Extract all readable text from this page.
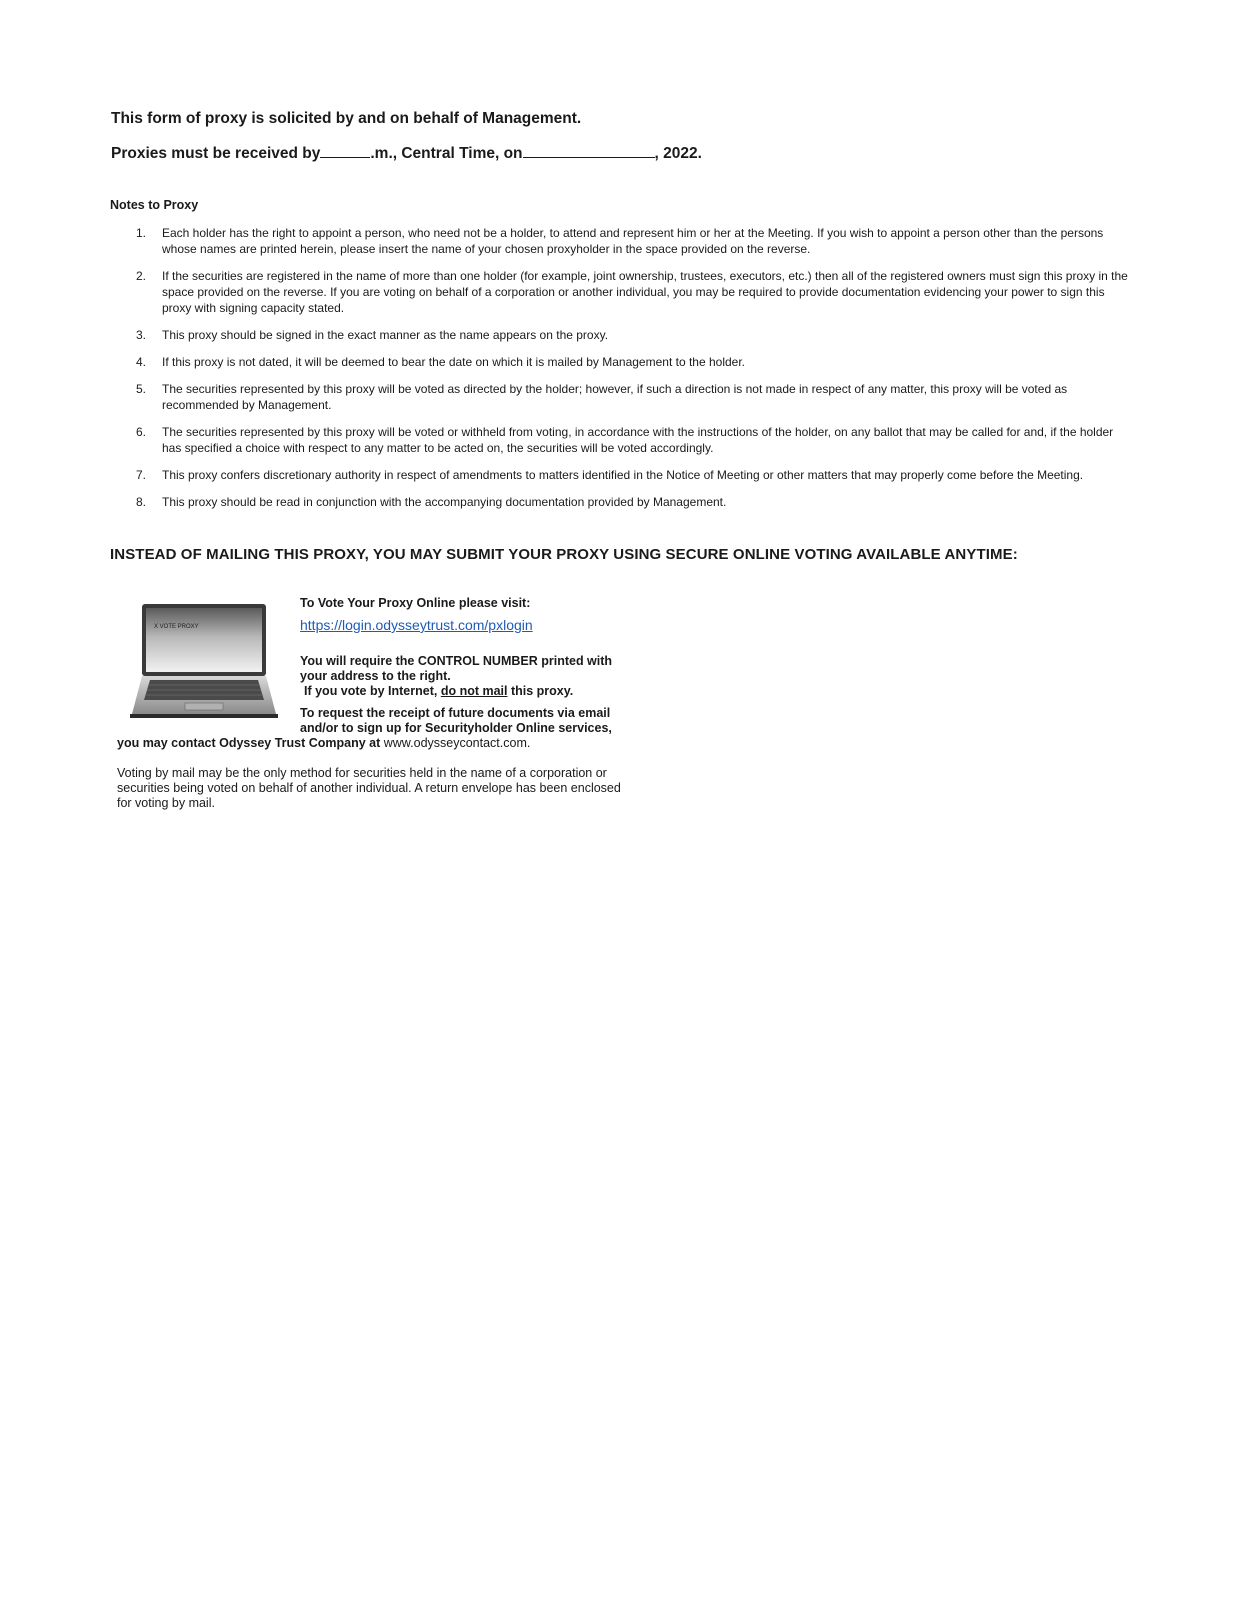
This form of proxy is solicited by and on behalf of Management.
Proxies must be received by	.m., Central Time, on	, 2022.
Notes to Proxy
1. Each holder has the right to appoint a person, who need not be a holder, to attend and represent him or her at the Meeting. If you wish to appoint a person other than the persons whose names are printed herein, please insert the name of your chosen proxyholder in the space provided on the reverse.
2. If the securities are registered in the name of more than one holder (for example, joint ownership, trustees, executors, etc.) then all of the registered owners must sign this proxy in the space provided on the reverse. If you are voting on behalf of a corporation or another individual, you may be required to provide documentation evidencing your power to sign this proxy with signing capacity stated.
3. This proxy should be signed in the exact manner as the name appears on the proxy.
4. If this proxy is not dated, it will be deemed to bear the date on which it is mailed by Management to the holder.
5. The securities represented by this proxy will be voted as directed by the holder; however, if such a direction is not made in respect of any matter, this proxy will be voted as recommended by Management.
6. The securities represented by this proxy will be voted or withheld from voting, in accordance with the instructions of the holder, on any ballot that may be called for and, if the holder has specified a choice with respect to any matter to be acted on, the securities will be voted accordingly.
7. This proxy confers discretionary authority in respect of amendments to matters identified in the Notice of Meeting or other matters that may properly come before the Meeting.
8. This proxy should be read in conjunction with the accompanying documentation provided by Management.
INSTEAD OF MAILING THIS PROXY, YOU MAY SUBMIT YOUR PROXY USING SECURE ONLINE VOTING AVAILABLE ANYTIME:
X VOTE PROXY
To Vote Your Proxy Online please visit:
https://login.odysseytrust.com/pxlogin
You will require the CONTROL NUMBER printed with your address to the right.
If you vote by Internet, do not mail this proxy.
To request the receipt of future documents via email and/or to sign up for Securityholder Online services,
you may contact Odyssey Trust Company at www.odysseycontact.com.
Voting by mail may be the only method for securities held in the name of a corporation or securities being voted on behalf of another individual. A return envelope has been enclosed for voting by mail.
